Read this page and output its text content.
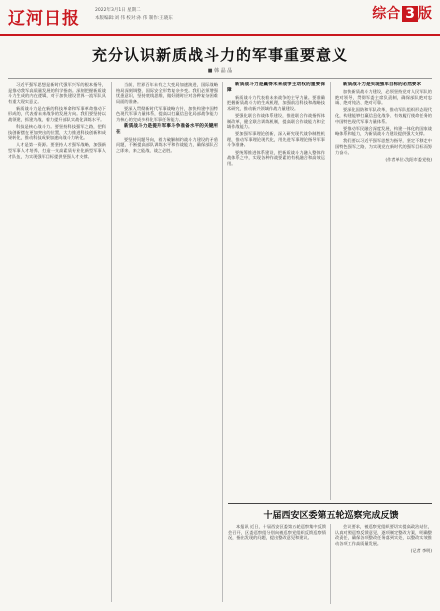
辽河日报	2022年3月1日 星期二
本版编辑:刘 伟 校对:孙 伟 制作:王晓东	综合 3 版
充分认识新质战斗力的军事重要意义
■ 韩 晶 晶

习近平强军思想是新时代强军兴军的根本指导，是推动我军高质量发展的科学指南。深刻把握新质战斗力生成的内在逻辑，对于加快建设世界一流军队具有重大现实意义。

新质战斗力是在新的科技革命和军事革命推动下形成的，代表着未来战争的发展方向。我们要坚持以战领建，抓建为战，着力提升部队实战化训练水平。

科技是核心战斗力。要坚持科技强军之路，把科技创新摆在更加突出的位置，大力推进科技创新和成果转化，推动科技成果加速向战斗力转化。

人才是第一资源。要坚持人才强军战略，加强新型军事人才培养，打造一支高素质专业化新型军事人才队伍，为实现强军目标提供坚强人才支撑。

当前，世界百年未有之大变局加速演进，国际战略格局深刻调整，国际安全形势复杂多变。我们必须增强忧患意识，坚持底线思维，做好随时应对各种复杂困难局面的准备。

要深入贯彻新时代军事战略方针，加快构建中国特色现代军事力量体系，提高以打赢信息化局部战争能力为核心的完成多样化军事任务能力。

新质战斗力是提升军事斗争准备水平的关键所在

要坚持问题导向，着力破解制约战斗力建设的矛盾问题，不断提高部队训练水平和作战能力，确保部队召之即来、来之能战、战之必胜。

新质战斗力是赢得未来战争主动权的重要保障

新质战斗力代表着未来战争的主导力量。要准确把握新质战斗力的生成机理，加强前沿科技和战略技术研究，推动新兴领域作战力量建设。

要强化联合作战体系建设，推进联合作战指挥体制改革，健全联合训练机制，提高联合作战能力和全域作战能力。

要加强军事理论创新，深入研究现代战争制胜机理，推动军事理论现代化，用先进军事理论指导军事斗争准备。

要统筹推进体系建设，把新质战斗力融入整体作战体系之中，实现各种作战要素的有机融合和高效运用。

新质战斗力是实现强军目标的必然要求

加快新质战斗力建设，必须坚持党对人民军队的绝对领导，贯彻军委主席负责制，确保部队绝对忠诚、绝对纯洁、绝对可靠。

要深化国防和军队改革，推动军队组织形态现代化，构建能够打赢信息化战争、有效履行使命任务的中国特色现代军事力量体系。

要推动军民融合深度发展，构建一体化的国家战略体系和能力，为新质战斗力建设提供强大支撑。

我们要以习近平强军思想为指导，坚定不移走中国特色强军之路，为实现党在新时代的强军目标而努力奋斗。

(作者单位:沈阳市委党校)

十届西安区委第五轮巡察完成反馈

本报讯 近日，十届西安区委第五轮巡察集中反馈会召开，区委巡察组分别向被巡察党组织反馈巡察情况，指出发现的问题，提出整改意见和建议。

会议要求，被巡察党组织要切实提高政治站位，认真对照巡察反馈意见，逐项制定整改方案，明确整改责任，确保各项整改任务落到实处，以整改实效推动各项工作高质量发展。

(记者 李明)
